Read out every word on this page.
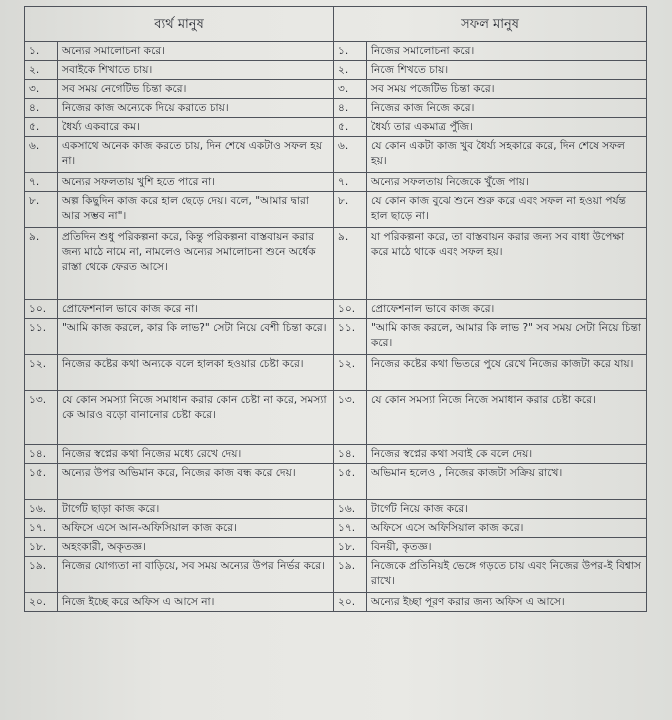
ব্যর্থ মানুষ		সফল মানুষ	
১.	অন্যের সমালোচনা করে।	১.	নিজের সমালোচনা করে।
২.	সবাইকে শিখাতে চায়।	২.	নিজে শিখতে চায়।
৩.	সব সময় নেগেটিভ চিন্তা করে।	৩.	সব সময় পজেটিভ চিন্তা করে।
৪.	নিজের কাজ অন্যেকে দিয়ে করাতে চায়।	৪.	নিজের কাজ নিজে করে।
৫.	ধৈর্য্য একবারে কম।	৫.	ধৈর্য্য তার একমাত্র পুঁজি।
৬.	একসাথে অনেক কাজ করতে চায়, দিন শেষে একটাও সফল হয় না।	৬.	যে কোন একটা কাজ খুব ধৈর্য্য সহকারে করে, দিন শেষে সফল হয়।
৭.	অন্যের সফলতায় খুশি হতে পারে না।	৭.	অন্যের সফলতায় নিজেকে খুঁজে পায়।
৮.	অল্প কিছুদিন কাজ করে হাল ছেড়ে দেয়। বলে, "আমার দ্বারা আর সম্ভব না"।	৮.	যে কোন কাজ বুঝে শুনে শুরু করে এবং সফল না হওয়া পর্যন্ত হাল ছাড়ে না।
৯.	প্রতিদিন শুধু পরিকল্পনা করে, কিন্তু পরিকল্পনা বাস্তবায়ন করার জন্য মাঠে নামে না, নামলেও অন্যের সমালোচনা শুনে অর্ধেক রাস্তা থেকে ফেরত আসে।	৯.	যা পরিকল্পনা করে, তা বাস্তবায়ন করার জন্য সব বাধা উপেক্ষা করে মাঠে থাকে এবং সফল হয়।
১০.	প্রোফেশনাল ভাবে কাজ করে না।	১০.	প্রোফেশনাল ভাবে কাজ করে।
১১.	"আমি কাজ করলে, কার কি লাভ?" সেটা নিয়ে বেশী চিন্তা করে।	১১.	"আমি কাজ করলে, আমার কি লাভ ?" সব সময় সেটা নিয়ে চিন্তা করে।
১২.	নিজের কষ্টের কথা অন্যকে বলে হালকা হওয়ার চেষ্টা করে।	১২.	নিজের কষ্টের কথা ভিতরে পুষে রেখে নিজের কাজটা করে যায়।
১৩.	যে কোন সমস্যা নিজে সমাধান করার কোন চেষ্টা না করে, সমস্যা কে আরও বড়ো বানানোর চেষ্টা করে।	১৩.	যে কোন সমস্যা নিজে নিজে সমাধান করার চেষ্টা করে।
১৪.	নিজের স্বপ্নের কথা নিজের মধ্যে রেখে দেয়।	১৪.	নিজের স্বপ্নের কথা সবাই কে বলে দেয়।
১৫.	অন্যের উপর অভিমান করে, নিজের কাজ বন্ধ করে দেয়।	১৫.	অভিমান হলেও , নিজের কাজটা সক্রিয় রাখে।
১৬.	টার্গেট ছাড়া কাজ করে।	১৬.	টার্গেট নিয়ে কাজ করে।
১৭.	অফিসে এসে আন-অফিসিয়াল কাজ করে।	১৭.	অফিসে এসে অফিসিয়াল কাজ করে।
১৮.	অহংকারী, অকৃতজ্ঞ।	১৮.	বিনয়ী, কৃতজ্ঞ।
১৯.	নিজের যোগ্যতা না বাড়িয়ে, সব সময় অন্যের উপর নির্ভর করে।	১৯.	নিজেকে প্রতিনিয়ই ভেঙ্গে গড়তে চায় এবং নিজের উপর-ই বিশ্বাস রাখে।
২০.	নিজে ইচ্ছে করে অফিস এ আসে না।	২০.	অন্যের ইচ্ছা পূরণ করার জন্য অফিস এ আসে।
